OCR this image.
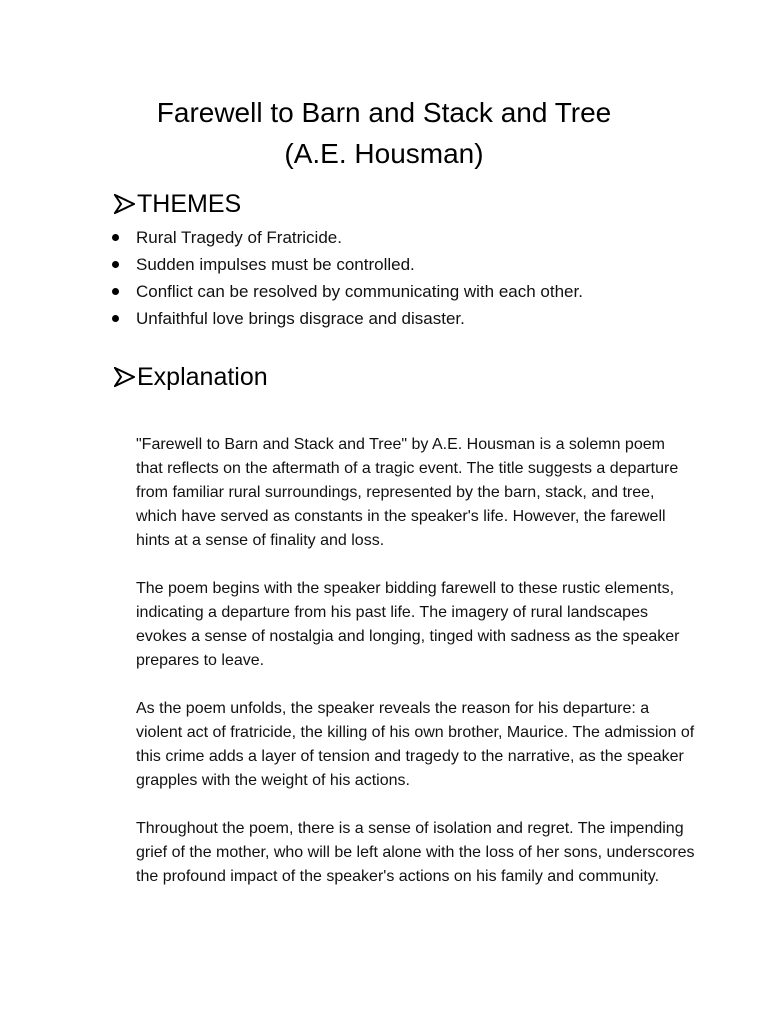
Farewell to Barn and Stack and Tree
(A.E. Housman)
THEMES
Rural Tragedy of Fratricide.
Sudden impulses must be controlled.
Conflict can be resolved by communicating with each other.
Unfaithful love brings disgrace and disaster.
Explanation

"Farewell to Barn and Stack and Tree" by A.E. Housman is a solemn poem that reflects on the aftermath of a tragic event. The title suggests a departure from familiar rural surroundings, represented by the barn, stack, and tree, which have served as constants in the speaker's life. However, the farewell hints at a sense of finality and loss.

The poem begins with the speaker bidding farewell to these rustic elements, indicating a departure from his past life. The imagery of rural landscapes evokes a sense of nostalgia and longing, tinged with sadness as the speaker prepares to leave.

As the poem unfolds, the speaker reveals the reason for his departure: a violent act of fratricide, the killing of his own brother, Maurice. The admission of this crime adds a layer of tension and tragedy to the narrative, as the speaker grapples with the weight of his actions.

Throughout the poem, there is a sense of isolation and regret. The impending grief of the mother, who will be left alone with the loss of her sons, underscores the profound impact of the speaker's actions on his family and community.
